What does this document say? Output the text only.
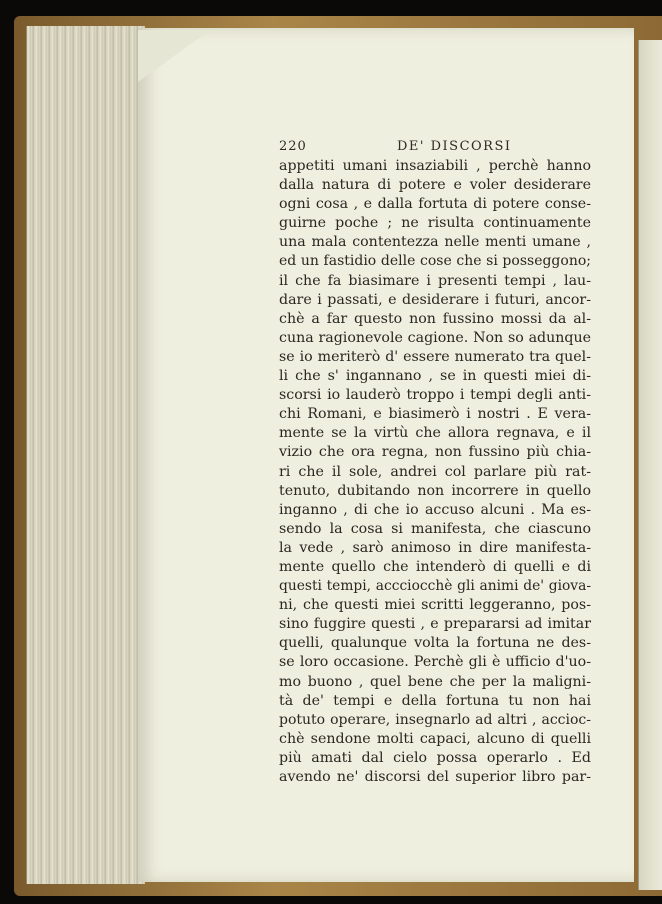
220	DE' DISCORSI
appetiti umani insaziabili , perchè hanno
dalla natura di potere e voler desiderare
ogni cosa , e dalla fortuta di potere conse-
guirne poche ; ne risulta continuamente
una mala contentezza nelle menti umane ,
ed un fastidio delle cose che si posseggono;
il che fa biasimare i presenti tempi , lau-
dare i passati, e desiderare i futuri, ancor-
chè a far questo non fussino mossi da al-
cuna ragionevole cagione. Non so adunque
se io meriterò d' essere numerato tra quel-
li che s' ingannano , se in questi miei di-
scorsi io lauderò troppo i tempi degli anti-
chi Romani, e biasimerò i nostri . E vera-
mente se la virtù che allora regnava, e il
vizio che ora regna, non fussino più chia-
ri che il sole, andrei col parlare più rat-
tenuto, dubitando non incorrere in quello
inganno , di che io accuso alcuni . Ma es-
sendo la cosa si manifesta, che ciascuno
la vede , sarò animoso in dire manifesta-
mente quello che intenderò di quelli e di
questi tempi, accciocchè gli animi de' giova-
ni, che questi miei scritti leggeranno, pos-
sino fuggire questi , e prepararsi ad imitar
quelli, qualunque volta la fortuna ne des-
se loro occasione. Perchè gli è ufficio d'uo-
mo buono , quel bene che per la maligni-
tà de' tempi e della fortuna tu non hai
potuto operare, insegnarlo ad altri , accioc-
chè sendone molti capaci, alcuno di quelli
più amati dal cielo possa operarlo . Ed
avendo ne' discorsi del superior libro par-
